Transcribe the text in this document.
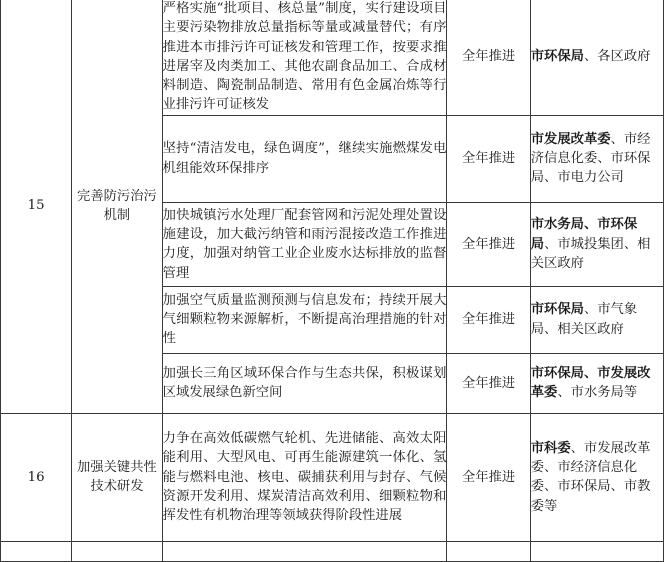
15	完善防污治污机制	严格实施“批项目、核总量”制度，实行建设项目主要污染物排放总量指标等量或减量替代；有序推进本市排污许可证核发和管理工作，按要求推进屠宰及肉类加工、其他农副食品加工、合成材料制造、陶瓷制品制造、常用有色金属冶炼等行业排污许可证核发	全年推进	市环保局、各区政府
		坚持“清洁发电，绿色调度”，继续实施燃煤发电机组能效环保排序	全年推进	市发展改革委、市经济信息化委、市环保局、市电力公司
		加快城镇污水处理厂配套管网和污泥处理处置设施建设，加大截污纳管和雨污混接改造工作推进力度，加强对纳管工业企业废水达标排放的监督管理	全年推进	市水务局、市环保局、市城投集团、相关区政府
		加强空气质量监测预测与信息发布；持续开展大气细颗粒物来源解析，不断提高治理措施的针对性	全年推进	市环保局、市气象局、相关区政府
		加强长三角区域环保合作与生态共保，积极谋划区域发展绿色新空间	全年推进	市环保局、市发展改革委、市水务局等
16	加强关键共性技术研发	力争在高效低碳燃气轮机、先进储能、高效太阳能利用、大型风电、可再生能源建筑一体化、氢能与燃料电池、核电、碳捕获利用与封存、气候资源开发利用、煤炭清洁高效利用、细颗粒物和挥发性有机物治理等领域获得阶段性进展	全年推进	市科委、市发展改革委、市经济信息化委、市环保局、市教委等
